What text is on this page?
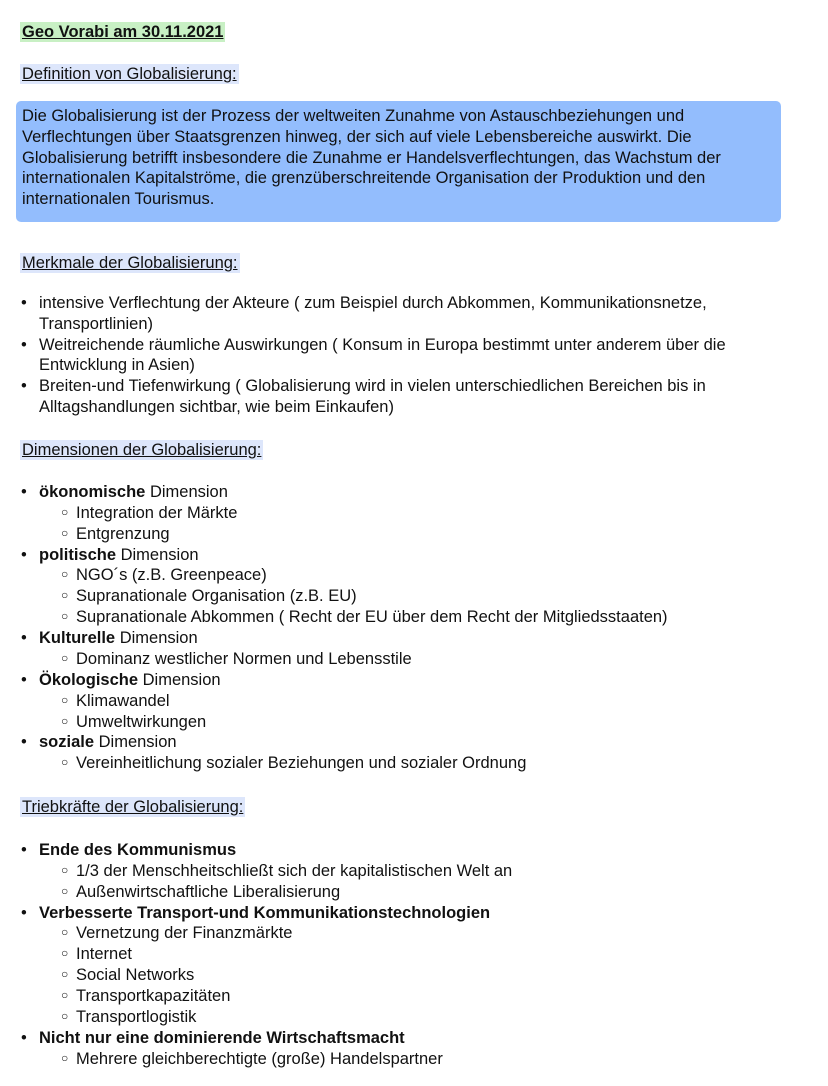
Geo Vorabi am 30.11.2021
Definition von Globalisierung:
Die Globalisierung ist der Prozess der weltweiten Zunahme von Astauschbeziehungen und Verflechtungen über Staatsgrenzen hinweg, der sich auf viele Lebensbereiche auswirkt. Die Globalisierung betrifft insbesondere die Zunahme er Handelsverflechtungen, das Wachstum der internationalen Kapitalströme, die grenzüberschreitende Organisation der Produktion und den internationalen Tourismus.
Merkmale der Globalisierung:
• intensive Verflechtung der Akteure ( zum Beispiel durch Abkommen, Kommunikationsnetze, Transportlinien)
• Weitreichende räumliche Auswirkungen ( Konsum in Europa bestimmt unter anderem über die Entwicklung in Asien)
• Breiten-und Tiefenwirkung ( Globalisierung wird in vielen unterschiedlichen Bereichen bis in Alltagshandlungen sichtbar, wie beim Einkaufen)
Dimensionen der Globalisierung:
• ökonomische Dimension
○ Integration der Märkte
○ Entgrenzung
• politische Dimension
○ NGO´s (z.B. Greenpeace)
○ Supranationale Organisation (z.B. EU)
○ Supranationale Abkommen ( Recht der EU über dem Recht der Mitgliedsstaaten)
• Kulturelle Dimension
○ Dominanz westlicher Normen und Lebensstile
• Ökologische Dimension
○ Klimawandel
○ Umweltwirkungen
• soziale Dimension
○ Vereinheitlichung sozialer Beziehungen und sozialer Ordnung
Triebkräfte der Globalisierung:
• Ende des Kommunismus
○ 1/3 der Menschheitschließt sich der kapitalistischen Welt an
○ Außenwirtschaftliche Liberalisierung
• Verbesserte Transport-und Kommunikationstechnologien
○ Vernetzung der Finanzmärkte
○ Internet
○ Social Networks
○ Transportkapazitäten
○ Transportlogistik
• Nicht nur eine dominierende Wirtschaftsmacht
○ Mehrere gleichberechtigte (große) Handelspartner
